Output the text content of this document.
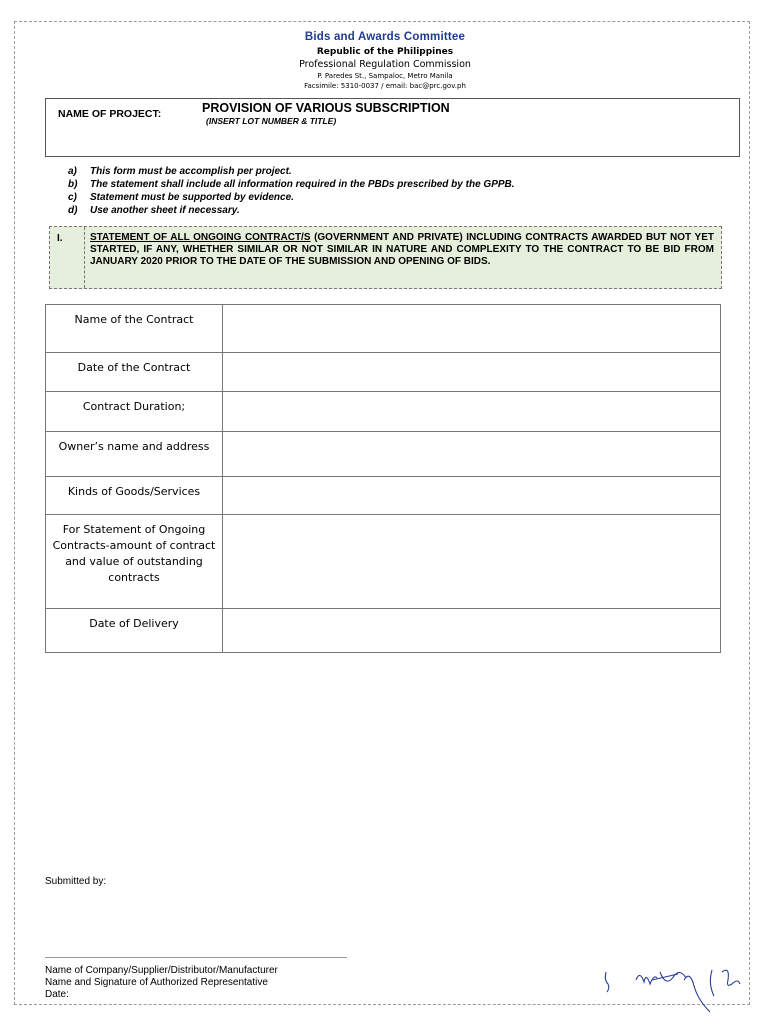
Bids and Awards Committee
Republic of the Philippines
Professional Regulation Commission
P. Paredes St., Sampaloc, Metro Manila
Facsimile: 5310-0037 / email: bac@prc.gov.ph
NAME OF PROJECT:	PROVISION OF VARIOUS SUBSCRIPTION
(INSERT LOT NUMBER & TITLE)
a)	This form must be accomplish per project.
b)	The statement shall include all information required in the PBDs prescribed by the GPPB.
c)	Statement must be supported by evidence.
d)	Use another sheet if necessary.
I.	STATEMENT OF ALL ONGOING CONTRACT/S (GOVERNMENT AND PRIVATE) INCLUDING CONTRACTS AWARDED BUT NOT YET STARTED, IF ANY, WHETHER SIMILAR OR NOT SIMILAR IN NATURE AND COMPLEXITY TO THE CONTRACT TO BE BID FROM JANUARY 2020 PRIOR TO THE DATE OF THE SUBMISSION AND OPENING OF BIDS.
Name of the Contract	
Date of the Contract	
Contract Duration;	
Owner’s name and address	
Kinds of Goods/Services	
For Statement of Ongoing Contracts-amount of contract and value of outstanding contracts	
Date of Delivery	
Submitted by:
Name of Company/Supplier/Distributor/Manufacturer
Name and Signature of Authorized Representative
Date:
